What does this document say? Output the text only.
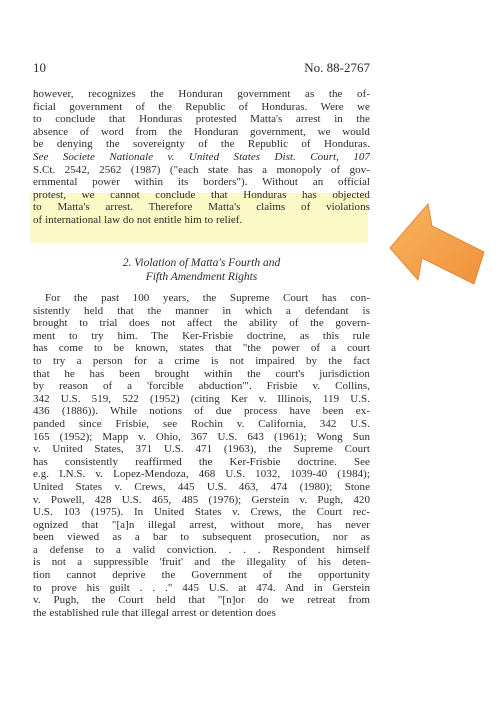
10	No. 88-2767
however, recognizes the Honduran government as the of-
ficial government of the Republic of Honduras. Were we
to conclude that Honduras protested Matta's arrest in the
absence of word from the Honduran government, we would
be denying the sovereignty of the Republic of Honduras.
See Societe Nationale v. United States Dist. Court, 107
S.Ct. 2542, 2562 (1987) ("each state has a monopoly of gov-
ernmental power within its borders"). Without an official
protest, we cannot conclude that Honduras has objected
to Matta's arrest. Therefore Matta's claims of violations
of international law do not entitle him to relief.
2. Violation of Matta's Fourth and
Fifth Amendment Rights
For the past 100 years, the Supreme Court has con-
sistently held that the manner in which a defendant is
brought to trial does not affect the ability of the govern-
ment to try him. The Ker-Frisbie doctrine, as this rule
has come to be known, states that "the power of a court
to try a person for a crime is not impaired by the fact
that he has been brought within the court's jurisdiction
by reason of a 'forcible abduction'". Frisbie v. Collins,
342 U.S. 519, 522 (1952) (citing Ker v. Illinois, 119 U.S.
436 (1886)). While notions of due process have been ex-
panded since Frisbie, see Rochin v. California, 342 U.S.
165 (1952); Mapp v. Ohio, 367 U.S. 643 (1961); Wong Sun
v. United States, 371 U.S. 471 (1963), the Supreme Court
has consistently reaffirmed the Ker-Frisbie doctrine. See
e.g. I.N.S. v. Lopez-Mendoza, 468 U.S. 1032, 1039-40 (1984);
United States v. Crews, 445 U.S. 463, 474 (1980); Stone
v. Powell, 428 U.S. 465, 485 (1976); Gerstein v. Pugh, 420
U.S. 103 (1975). In United States v. Crews, the Court rec-
ognized that "[a]n illegal arrest, without more, has never
been viewed as a bar to subsequent prosecution, nor as
a defense to a valid conviction. . . . Respondent himself
is not a suppressible 'fruit' and the illegality of his deten-
tion cannot deprive the Government of the opportunity
to prove his guilt . . ." 445 U.S. at 474. And in Gerstein
v. Pugh, the Court held that "[n]or do we retreat from
the established rule that illegal arrest or detention does
